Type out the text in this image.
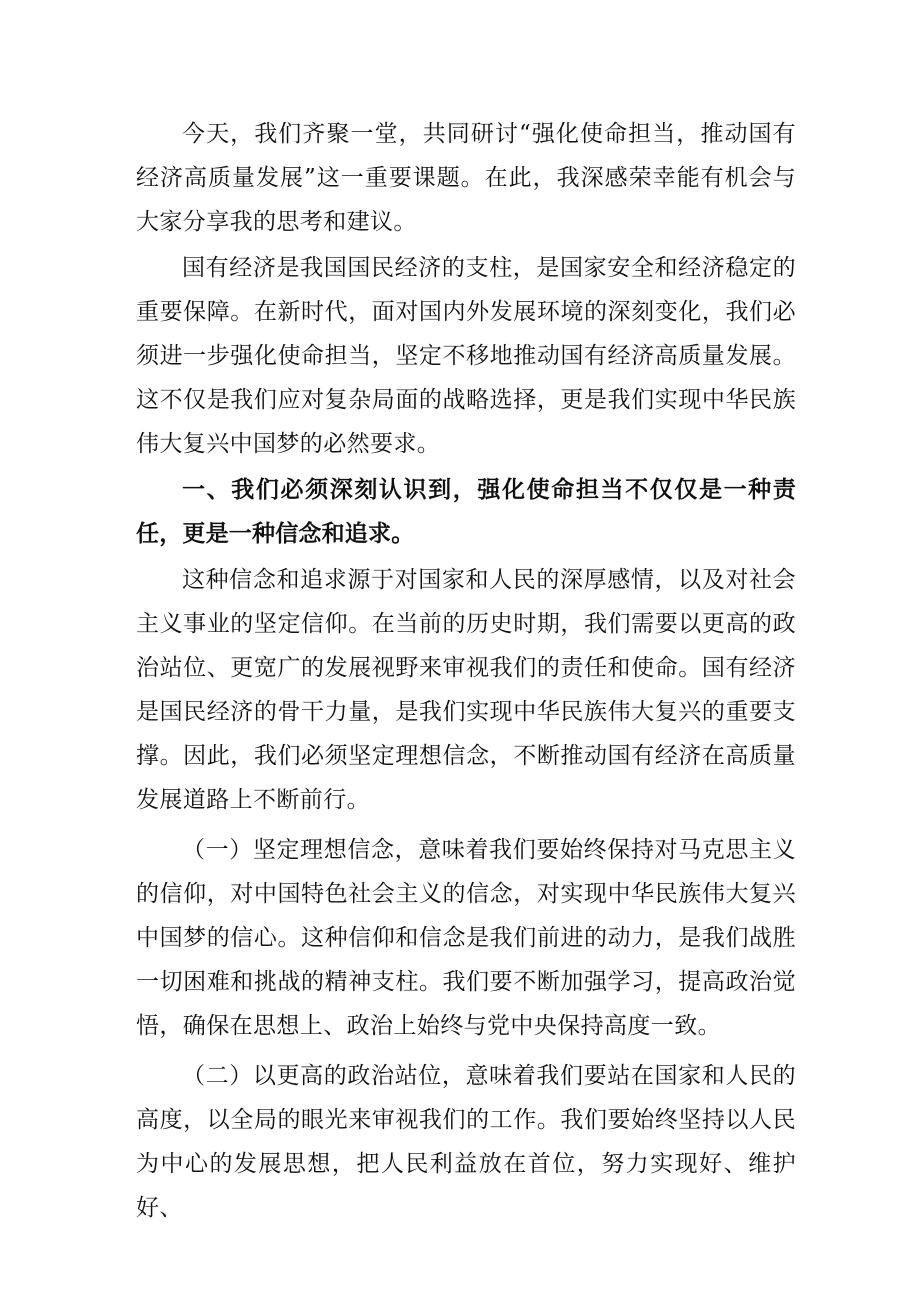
今天，我们齐聚一堂，共同研讨“强化使命担当，推动国有经济高质量发展”这一重要课题。在此，我深感荣幸能有机会与大家分享我的思考和建议。

国有经济是我国国民经济的支柱，是国家安全和经济稳定的重要保障。在新时代，面对国内外发展环境的深刻变化，我们必须进一步强化使命担当，坚定不移地推动国有经济高质量发展。这不仅是我们应对复杂局面的战略选择，更是我们实现中华民族伟大复兴中国梦的必然要求。

一、我们必须深刻认识到，强化使命担当不仅仅是一种责任，更是一种信念和追求。

这种信念和追求源于对国家和人民的深厚感情，以及对社会主义事业的坚定信仰。在当前的历史时期，我们需要以更高的政治站位、更宽广的发展视野来审视我们的责任和使命。国有经济是国民经济的骨干力量，是我们实现中华民族伟大复兴的重要支撑。因此，我们必须坚定理想信念，不断推动国有经济在高质量发展道路上不断前行。

（一）坚定理想信念，意味着我们要始终保持对马克思主义的信仰，对中国特色社会主义的信念，对实现中华民族伟大复兴中国梦的信心。这种信仰和信念是我们前进的动力，是我们战胜一切困难和挑战的精神支柱。我们要不断加强学习，提高政治觉悟，确保在思想上、政治上始终与党中央保持高度一致。

（二）以更高的政治站位，意味着我们要站在国家和人民的高度，以全局的眼光来审视我们的工作。我们要始终坚持以人民为中心的发展思想，把人民利益放在首位，努力实现好、维护好、
